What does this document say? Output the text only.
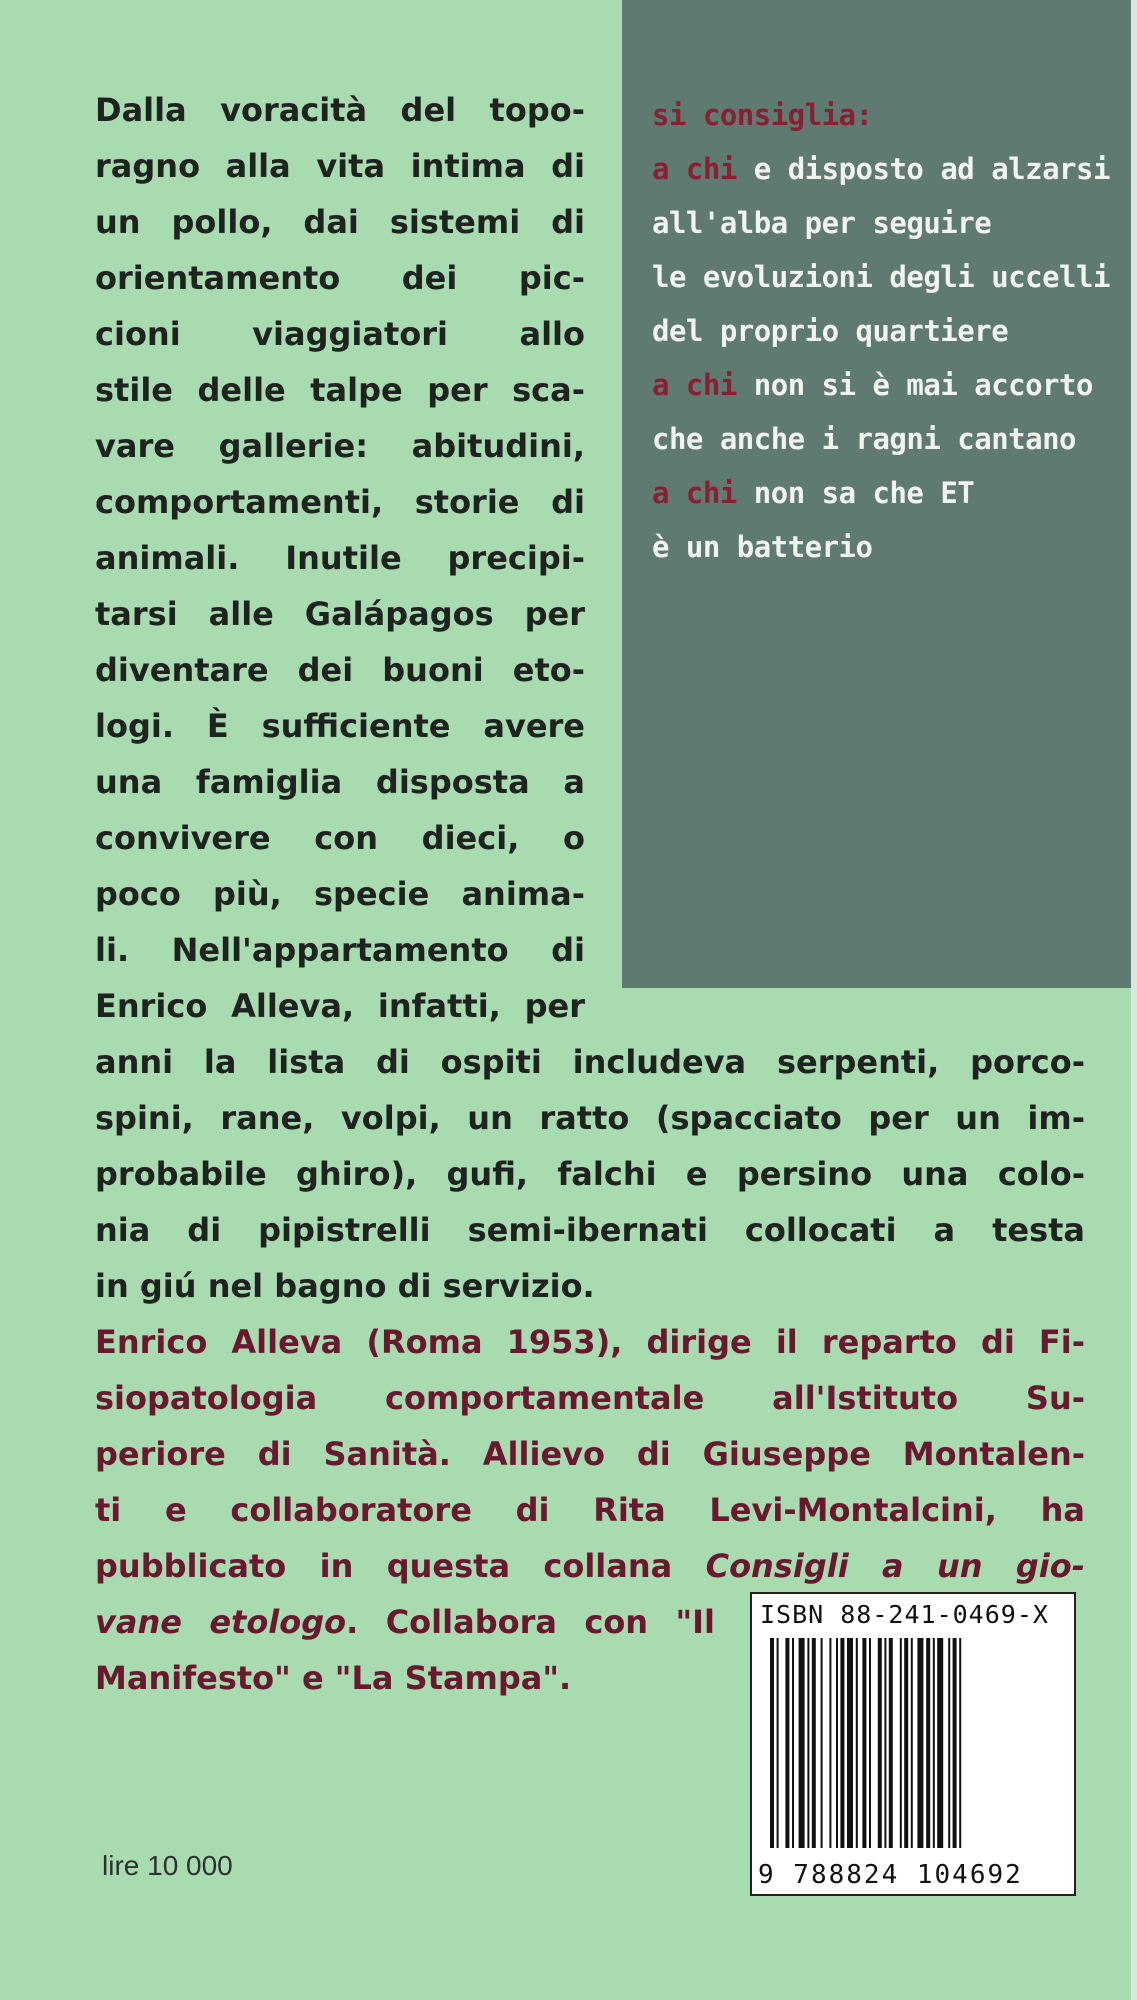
si consiglia:
a chi e disposto ad alzarsi
all'alba per seguire
le evoluzioni degli uccelli
del proprio quartiere
a chi non si è mai accorto
che anche i ragni cantano
a chi non sa che ET
è un batterio
Dalla voracità del topo-
ragno alla vita intima di
un pollo, dai sistemi di
orientamento dei pic-
cioni viaggiatori allo
stile delle talpe per sca-
vare gallerie: abitudini,
comportamenti, storie di
animali. Inutile precipi-
tarsi alle Galápagos per
diventare dei buoni eto-
logi. È sufficiente avere
una famiglia disposta a
convivere con dieci, o
poco più, specie anima-
li. Nell'appartamento di
Enrico Alleva, infatti, per
anni la lista di ospiti includeva serpenti, porco-
spini, rane, volpi, un ratto (spacciato per un im-
probabile ghiro), gufi, falchi e persino una colo-
nia di pipistrelli semi-ibernati collocati a testa
in giú nel bagno di servizio.
Enrico Alleva (Roma 1953), dirige il reparto di Fi-
siopatologia comportamentale all'Istituto Su-
periore di Sanità. Allievo di Giuseppe Montalen-
ti e collaboratore di Rita Levi-Montalcini, ha
pubblicato in questa collana Consigli a un gio-
vane etologo. Collabora con "Il
Manifesto" e "La Stampa".
ISBN 88-241-0469-X
9 788824 104692
lire 10 000
